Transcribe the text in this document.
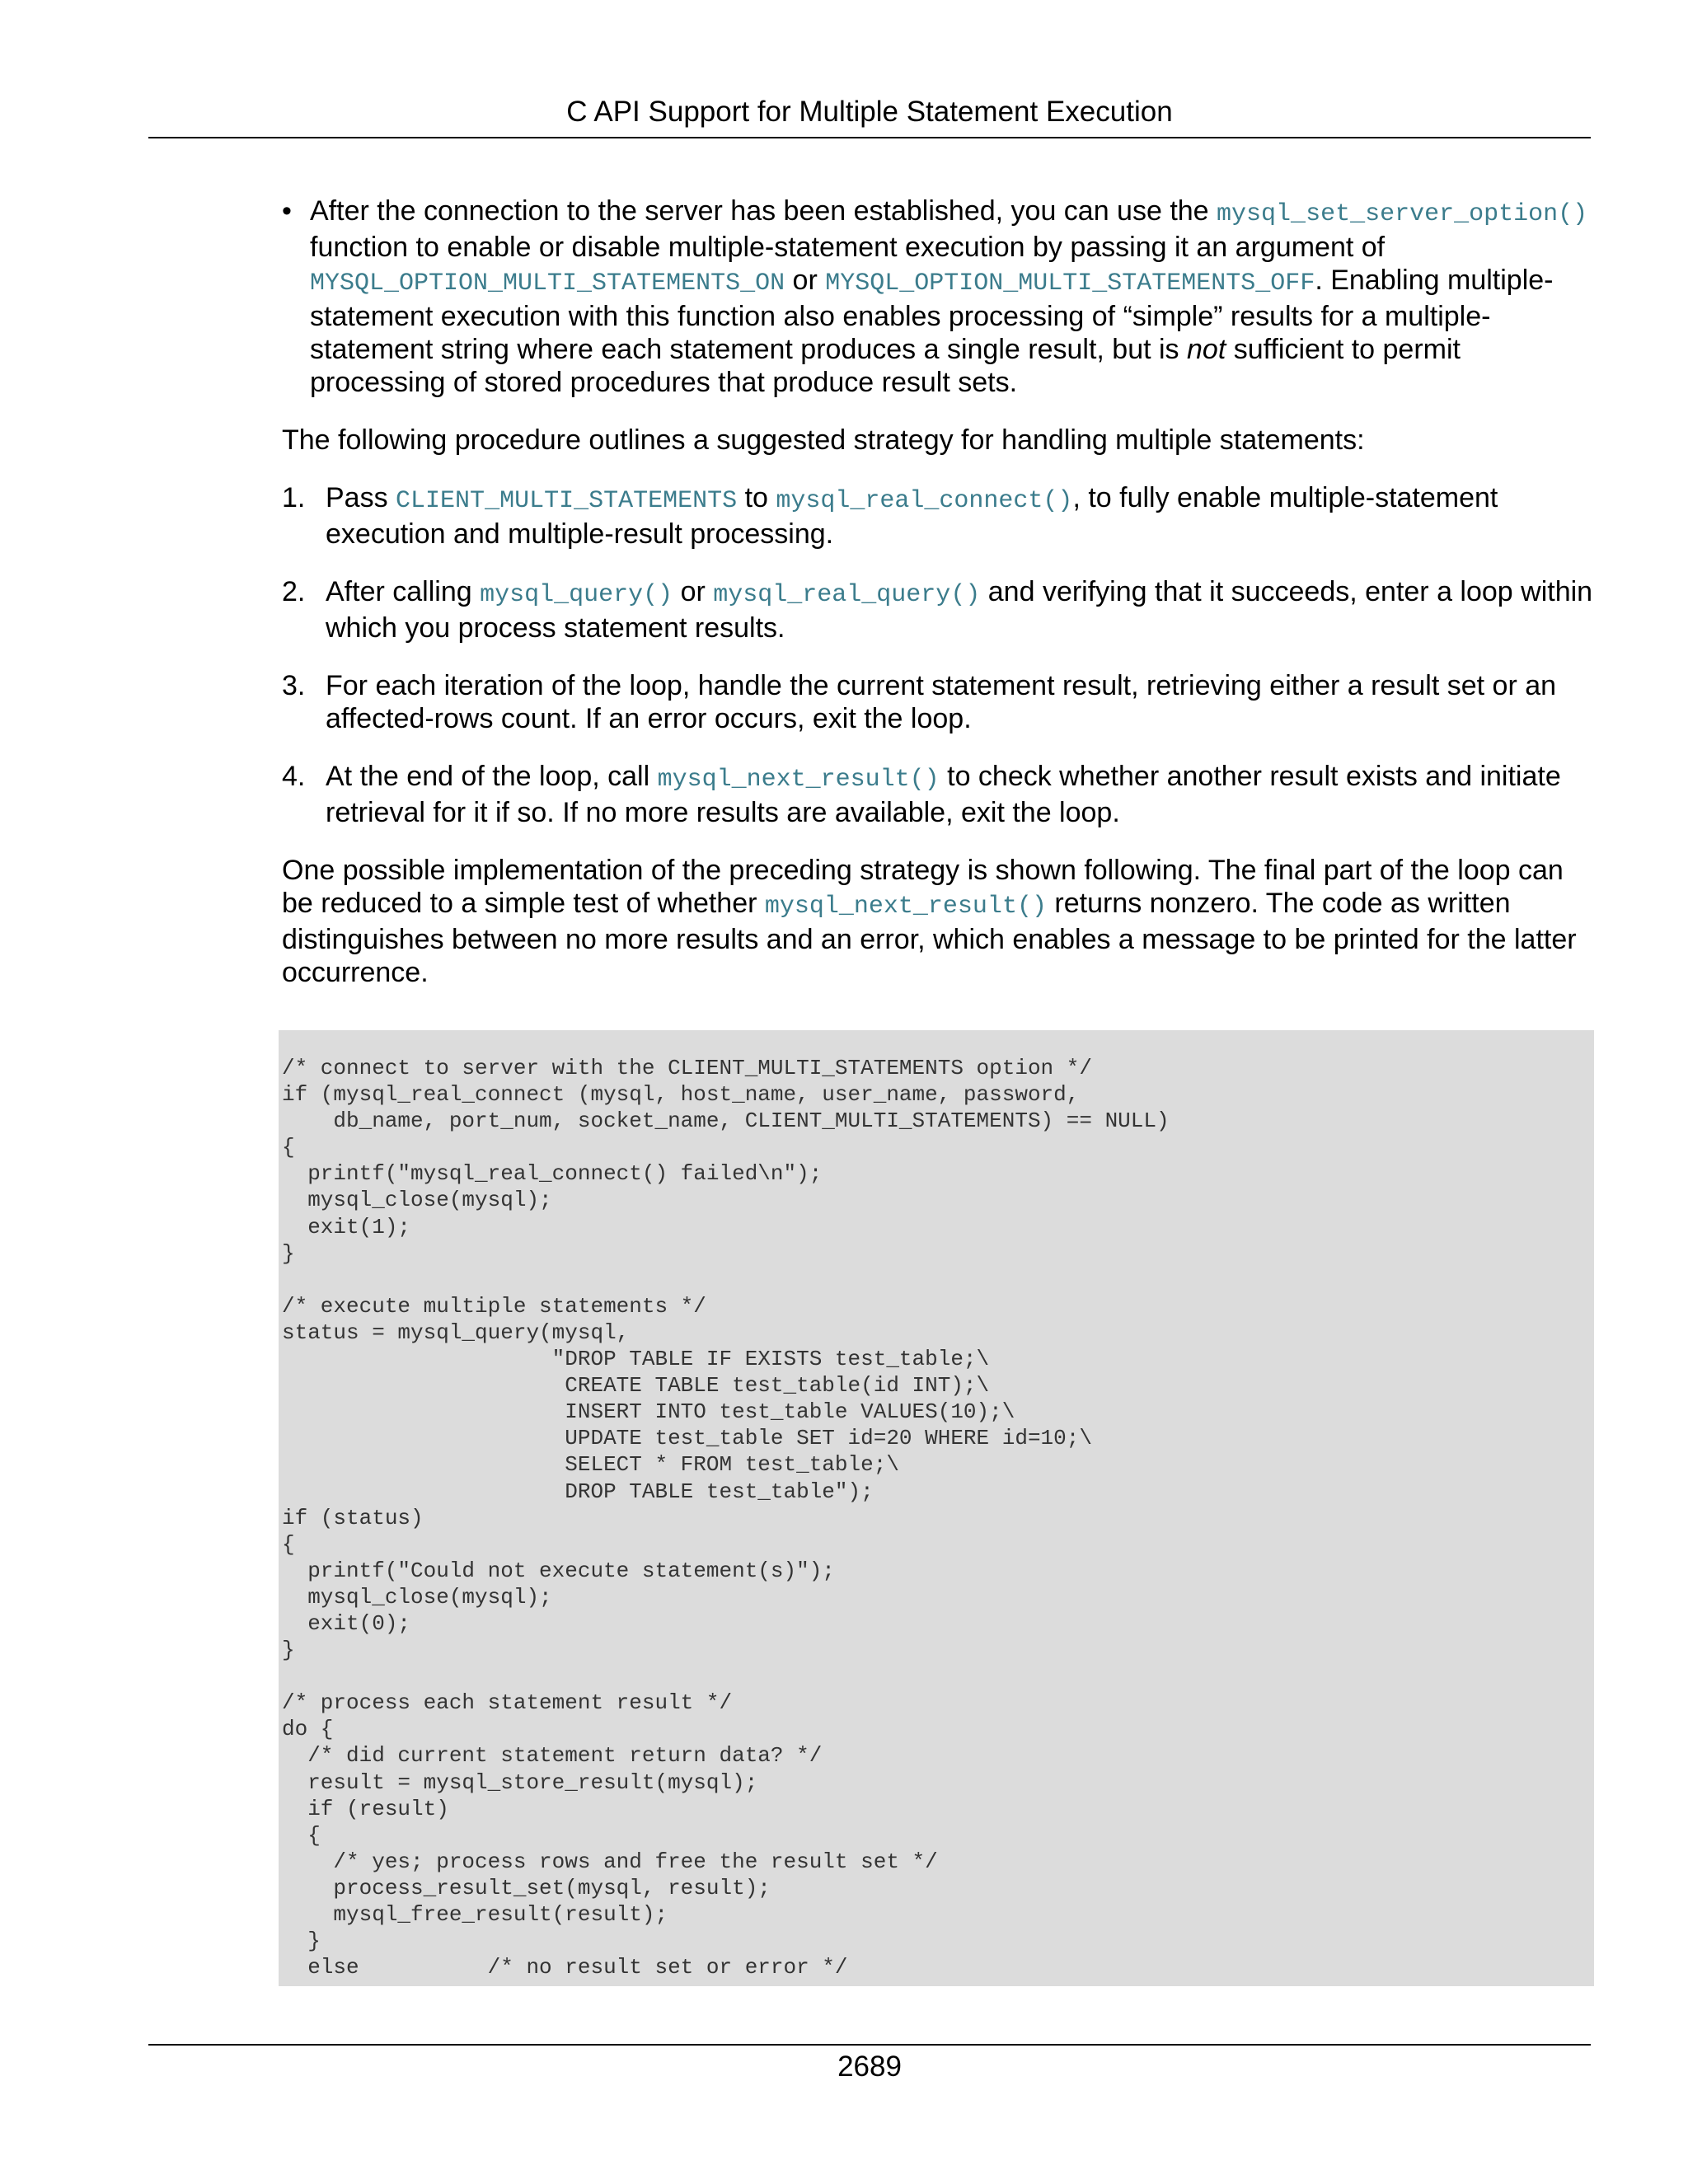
C API Support for Multiple Statement Execution
• After the connection to the server has been established, you can use the mysql_set_server_option() function to enable or disable multiple-statement execution by passing it an argument of MYSQL_OPTION_MULTI_STATEMENTS_ON or MYSQL_OPTION_MULTI_STATEMENTS_OFF. Enabling multiple-statement execution with this function also enables processing of “simple” results for a multiple-statement string where each statement produces a single result, but is not sufficient to permit processing of stored procedures that produce result sets.

The following procedure outlines a suggested strategy for handling multiple statements:

1. Pass CLIENT_MULTI_STATEMENTS to mysql_real_connect(), to fully enable multiple-statement execution and multiple-result processing.
2. After calling mysql_query() or mysql_real_query() and verifying that it succeeds, enter a loop within which you process statement results.
3. For each iteration of the loop, handle the current statement result, retrieving either a result set or an affected-rows count. If an error occurs, exit the loop.
4. At the end of the loop, call mysql_next_result() to check whether another result exists and initiate retrieval for it if so. If no more results are available, exit the loop.

One possible implementation of the preceding strategy is shown following. The final part of the loop can be reduced to a simple test of whether mysql_next_result() returns nonzero. The code as written distinguishes between no more results and an error, which enables a message to be printed for the latter occurrence.

/* connect to server with the CLIENT_MULTI_STATEMENTS option */
if (mysql_real_connect (mysql, host_name, user_name, password,
db_name, port_num, socket_name, CLIENT_MULTI_STATEMENTS) == NULL)
{
printf("mysql_real_connect() failed\n");
mysql_close(mysql);
exit(1);
}

/* execute multiple statements */
status = mysql_query(mysql,
"DROP TABLE IF EXISTS test_table;\
CREATE TABLE test_table(id INT);\
INSERT INTO test_table VALUES(10);\
UPDATE test_table SET id=20 WHERE id=10;\
SELECT * FROM test_table;\
DROP TABLE test_table");
if (status)
{
printf("Could not execute statement(s)");
mysql_close(mysql);
exit(0);
}

/* process each statement result */
do {
/* did current statement return data? */
result = mysql_store_result(mysql);
if (result)
{
/* yes; process rows and free the result set */
process_result_set(mysql, result);
mysql_free_result(result);
}
else          /* no result set or error */
2689
